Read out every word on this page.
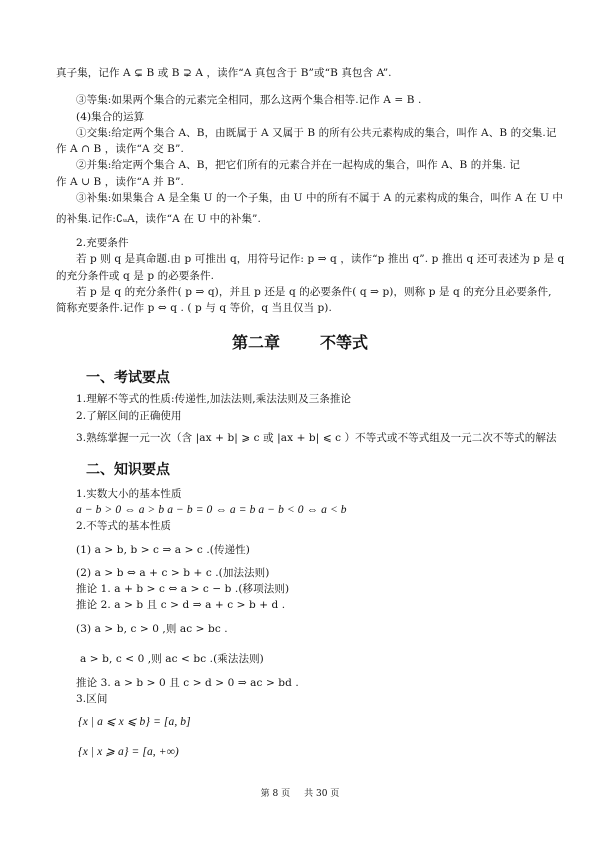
真子集，记作 A ⊊ B 或 B ⊋ A ，读作“A 真包含于 B”或“B 真包含 A”.
③等集:如果两个集合的元素完全相同，那么这两个集合相等.记作 A = B .
(4)集合的运算
①交集:给定两个集合 A、B，由既属于 A 又属于 B 的所有公共元素构成的集合，叫作 A、B 的交集.记
作 A ∩ B ，读作“A 交 B”.
②并集:给定两个集合 A、B，把它们所有的元素合并在一起构成的集合，叫作 A、B 的并集. 记
作 A ∪ B ，读作“A 并 B”.
③补集:如果集合 A 是全集 U 的一个子集，由 U 中的所有不属于 A 的元素构成的集合，叫作 A 在 U 中
的补集.记作:∁ᵤA，读作“A 在 U 中的补集”.
2.充要条件
若 p 则 q 是真命题.由 p 可推出 q，用符号记作: p ⇒ q ，读作“p 推出 q”. p 推出 q 还可表述为 p 是 q
的充分条件或 q 是 p 的必要条件.
若 p 是 q 的充分条件( p ⇒ q)，并且 p 还是 q 的必要条件( q ⇒ p)，则称 p 是 q 的充分且必要条件,
简称充要条件.记作 p ⇔ q . ( p 与 q 等价，q 当且仅当 p).
第二章	不等式
一、考试要点
1.理解不等式的性质:传递性,加法法则,乘法法则及三条推论
2.了解区间的正确使用
3.熟练掌握一元一次（含 |ax + b| ⩾ c 或 |ax + b| ⩽ c ）不等式或不等式组及一元二次不等式的解法
二、知识要点
1.实数大小的基本性质
a − b > 0 ⇔ a > b a − b = 0 ⇔ a = b a − b < 0 ⇔ a < b
2.不等式的基本性质
(1) a > b, b > c ⇒ a > c .(传递性)
(2) a > b ⇔ a + c > b + c .(加法法则)
推论 1. a + b > c ⇔ a > c − b .(移项法则)
推论 2. a > b 且 c > d ⇒ a + c > b + d .
(3) a > b, c > 0 ,则 ac > bc .
a > b, c < 0 ,则 ac < bc .(乘法法则)
推论 3. a > b > 0 且 c > d > 0 ⇒ ac > bd .
3.区间
{x | a ⩽ x ⩽ b} = [a, b]
{x | x ⩾ a} = [a, +∞)
第 8 页 共 30 页
